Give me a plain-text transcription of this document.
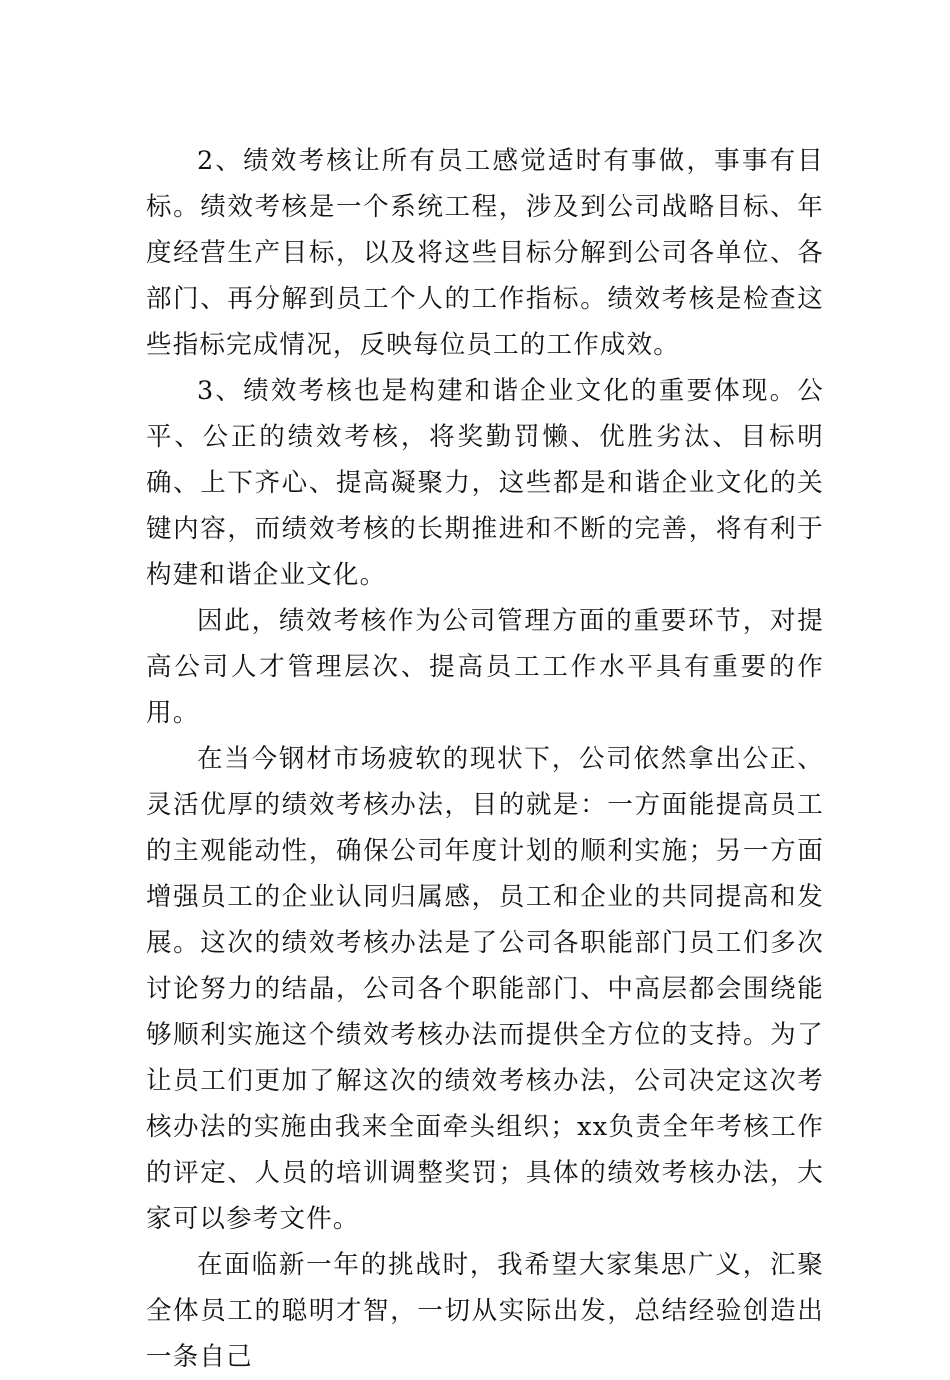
2、绩效考核让所有员工感觉适时有事做，事事有目标。绩效考核是一个系统工程，涉及到公司战略目标、年度经营生产目标，以及将这些目标分解到公司各单位、各部门、再分解到员工个人的工作指标。绩效考核是检查这些指标完成情况，反映每位员工的工作成效。

3、绩效考核也是构建和谐企业文化的重要体现。公平、公正的绩效考核，将奖勤罚懒、优胜劣汰、目标明确、上下齐心、提高凝聚力，这些都是和谐企业文化的关键内容，而绩效考核的长期推进和不断的完善，将有利于构建和谐企业文化。

因此，绩效考核作为公司管理方面的重要环节，对提高公司人才管理层次、提高员工工作水平具有重要的作用。

在当今钢材市场疲软的现状下，公司依然拿出公正、灵活优厚的绩效考核办法，目的就是：一方面能提高员工的主观能动性，确保公司年度计划的顺利实施；另一方面增强员工的企业认同归属感，员工和企业的共同提高和发展。这次的绩效考核办法是了公司各职能部门员工们多次讨论努力的结晶，公司各个职能部门、中高层都会围绕能够顺利实施这个绩效考核办法而提供全方位的支持。为了让员工们更加了解这次的绩效考核办法，公司决定这次考核办法的实施由我来全面牵头组织；xx负责全年考核工作的评定、人员的培训调整奖罚；具体的绩效考核办法，大家可以参考文件。

在面临新一年的挑战时，我希望大家集思广义，汇聚全体员工的聪明才智，一切从实际出发，总结经验创造出一条自己
